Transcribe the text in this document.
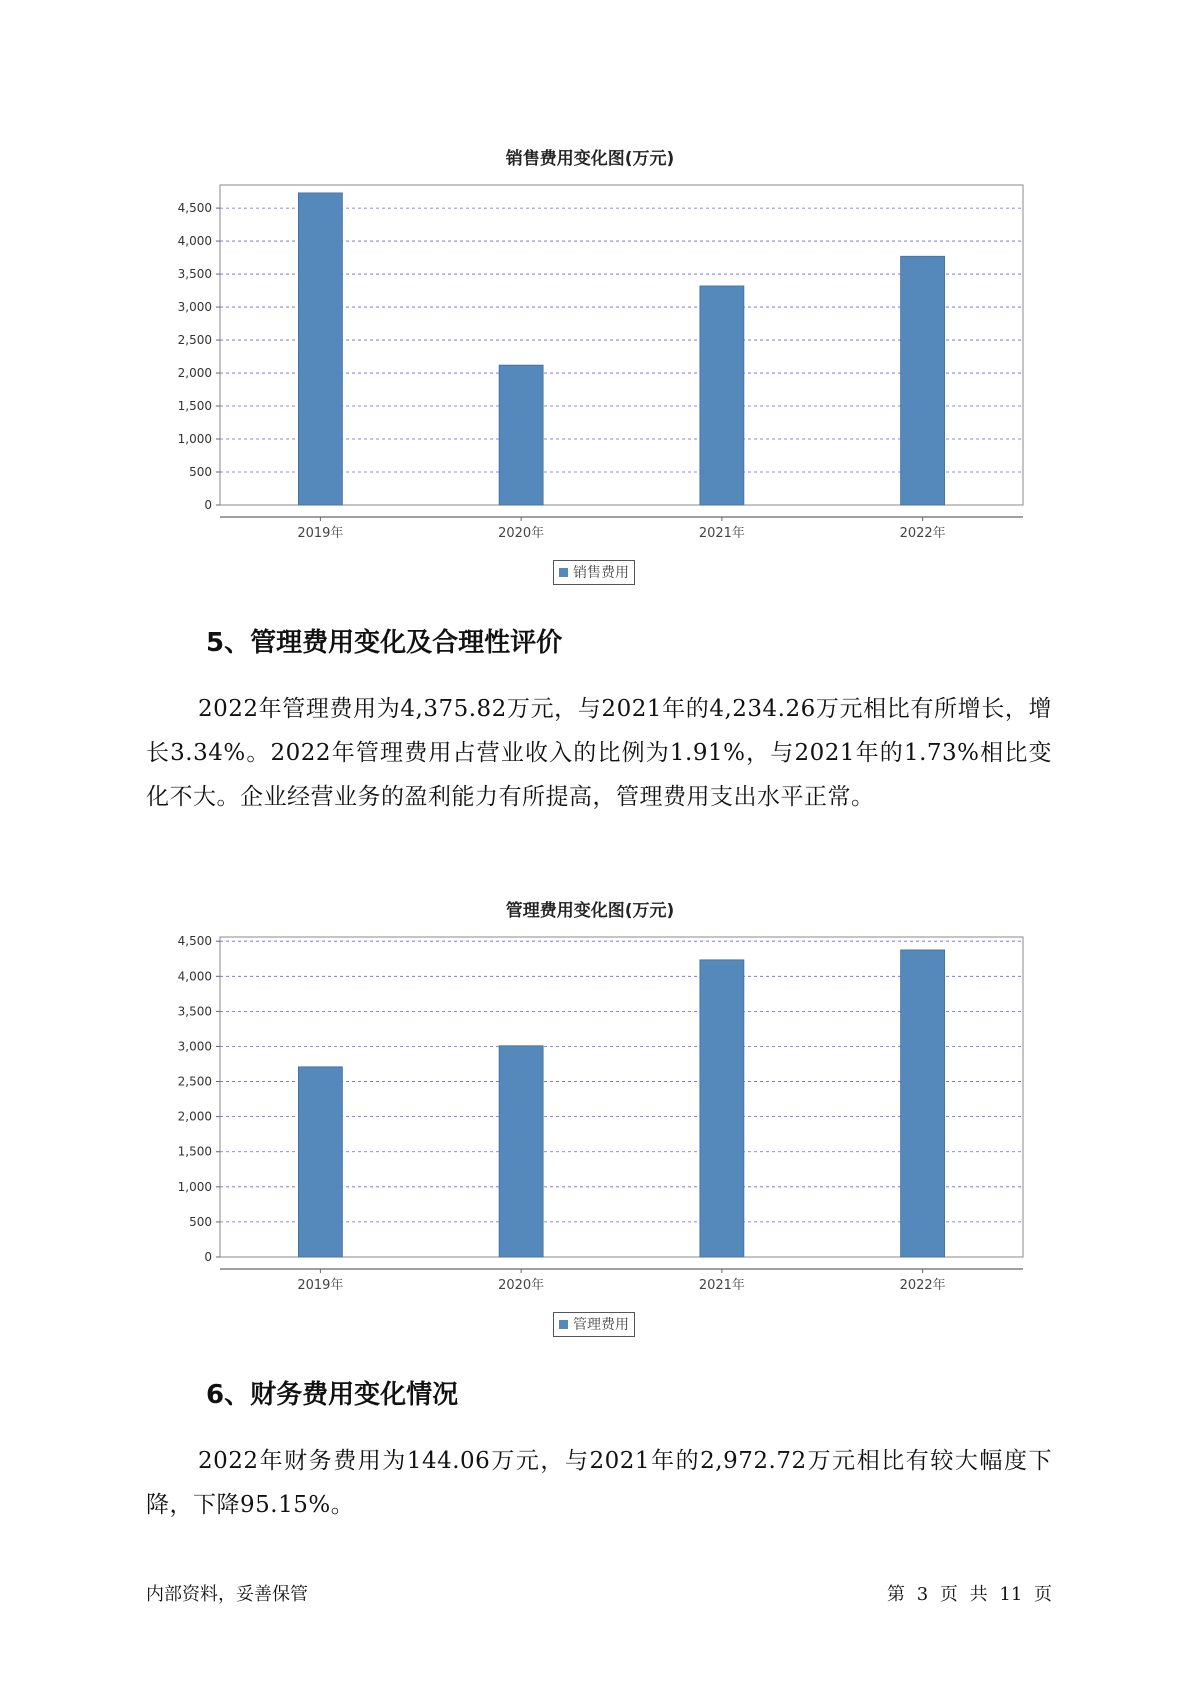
销售费用变化图(万元)
0
500
1,000
1,500
2,000
2,500
3,000
3,500
4,000
4,500
2019年	2020年	2021年	2022年
销售费用
5、管理费用变化及合理性评价

2022年管理费用为4,375.82万元，与2021年的4,234.26万元相比有所增长，增长3.34%。2022年管理费用占营业收入的比例为1.91%，与2021年的1.73%相比变化不大。企业经营业务的盈利能力有所提高，管理费用支出水平正常。

管理费用变化图(万元)
0
500
1,000
1,500
2,000
2,500
3,000
3,500
4,000
4,500
2019年	2020年	2021年	2022年
管理费用
6、财务费用变化情况

2022年财务费用为144.06万元，与2021年的2,972.72万元相比有较大幅度下降，下降95.15%。

内部资料，妥善保管	第 3 页 共 11 页
